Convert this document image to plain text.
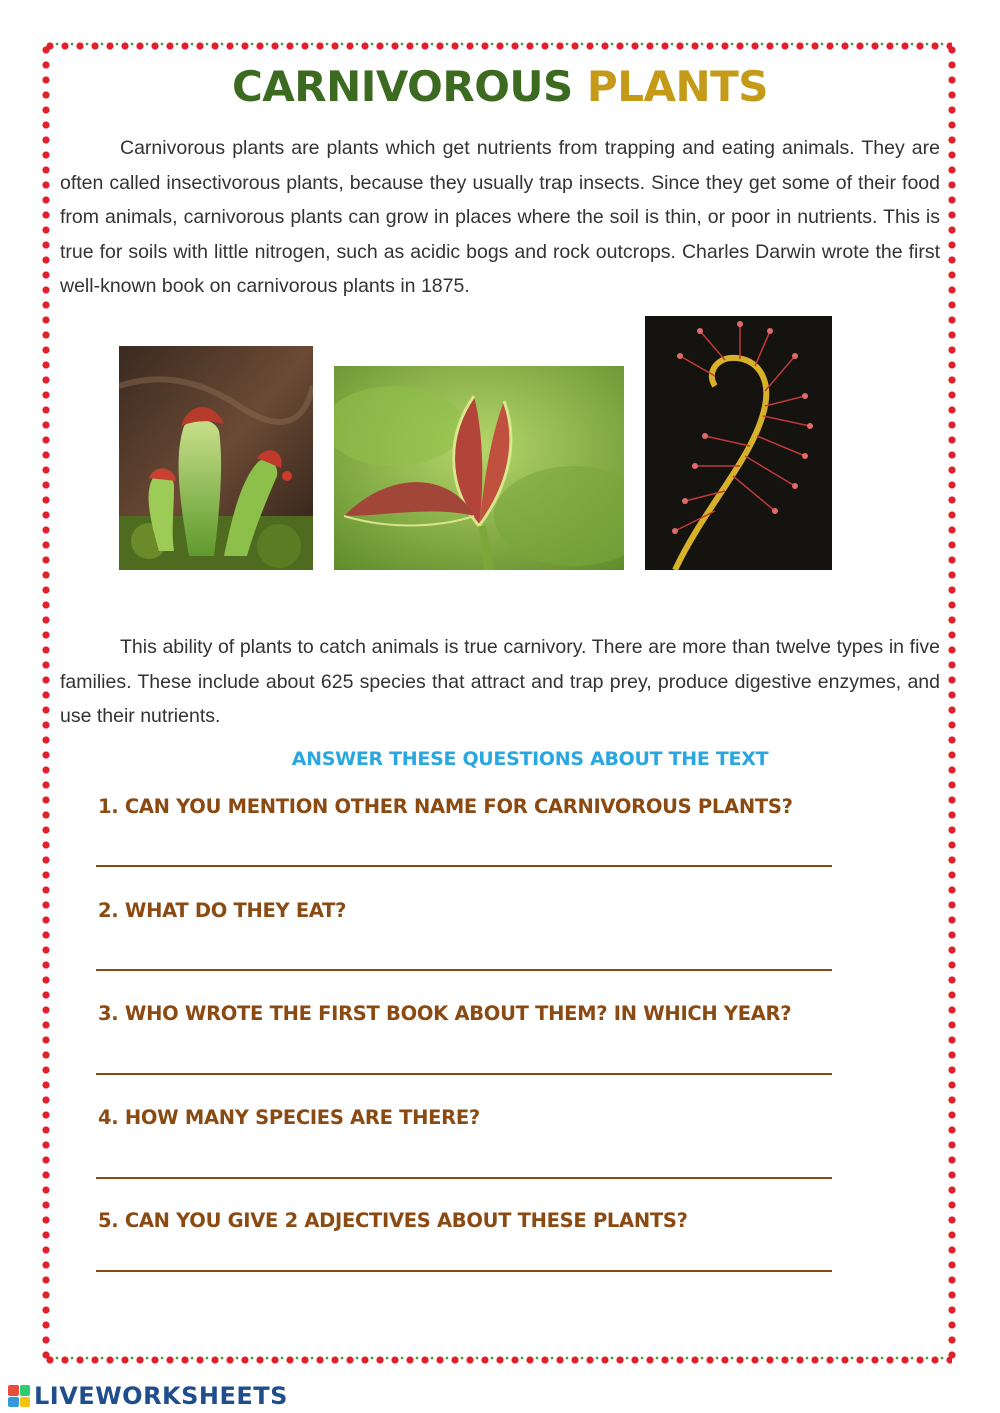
CARNIVOROUS PLANTS

Carnivorous plants are plants which get nutrients from trapping and eating animals. They are often called insectivorous plants, because they usually trap insects. Since they get some of their food from animals, carnivorous plants can grow in places where the soil is thin, or poor in nutrients. This is true for soils with little nitrogen, such as acidic bogs and rock outcrops. Charles Darwin wrote the first well-known book on carnivorous plants in 1875.

This ability of plants to catch animals is true carnivory. There are more than twelve types in five families. These include about 625 species that attract and trap prey, produce digestive enzymes, and use their nutrients.

ANSWER THESE QUESTIONS ABOUT THE TEXT

1. CAN YOU MENTION OTHER NAME FOR CARNIVOROUS PLANTS?

2. WHAT DO THEY EAT?

3. WHO WROTE THE FIRST BOOK ABOUT THEM? IN WHICH YEAR?

4. HOW MANY SPECIES ARE THERE?

5. CAN YOU GIVE 2 ADJECTIVES ABOUT THESE PLANTS?

LIVEWORKSHEETS
